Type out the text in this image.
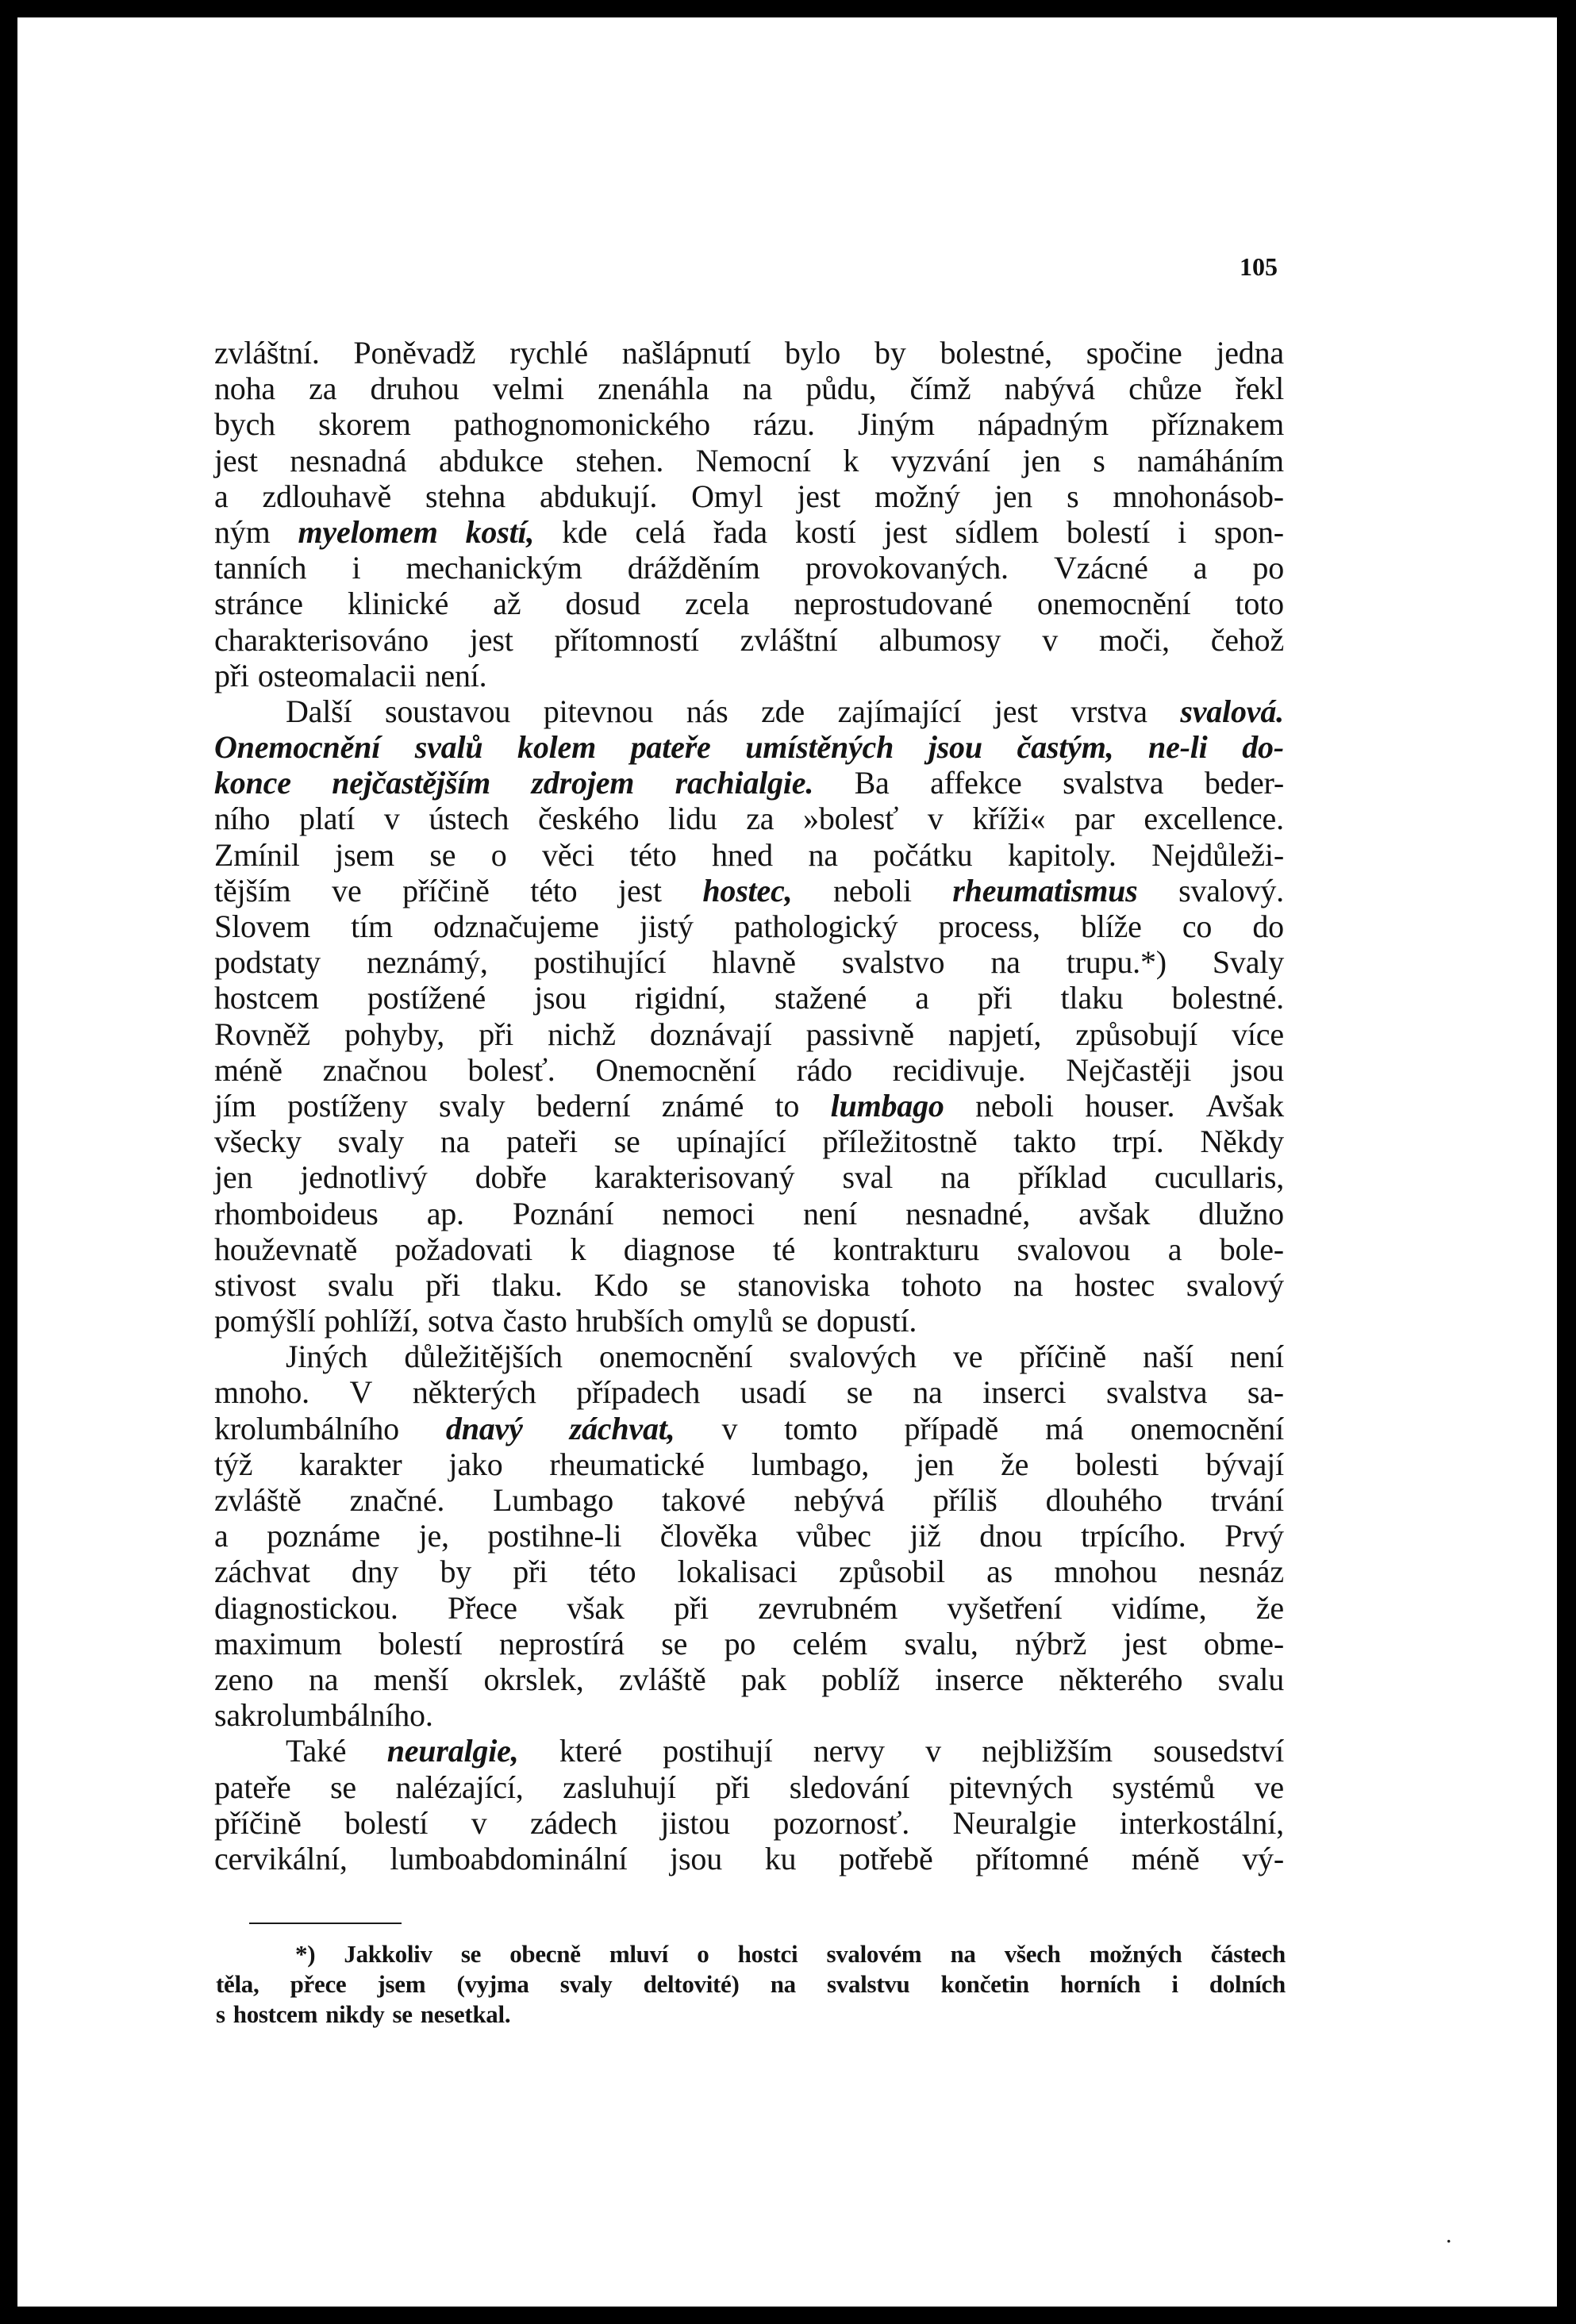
105
zvláštní. Poněvadž rychlé našlápnutí bylo by bolestné, spočine jedna
noha za druhou velmi znenáhla na půdu, čímž nabývá chůze řekl
bych skorem pathognomonického rázu. Jiným nápadným příznakem
jest nesnadná abdukce stehen. Nemocní k vyzvání jen s namáháním
a zdlouhavě stehna abdukují. Omyl jest možný jen s mnohonásob-
ným myelomem kostí, kde celá řada kostí jest sídlem bolestí i spon-
tanních i mechanickým drážděním provokovaných. Vzácné a po
stránce klinické až dosud zcela neprostudované onemocnění toto
charakterisováno jest přítomností zvláštní albumosy v moči, čehož
při osteomalacii není.
Další soustavou pitevnou nás zde zajímající jest vrstva svalová.
Onemocnění svalů kolem pateře umístěných jsou častým, ne-li do-
konce nejčastějším zdrojem rachialgie. Ba affekce svalstva beder-
ního platí v ústech českého lidu za »bolesť v kříži« par excellence.
Zmínil jsem se o věci této hned na počátku kapitoly. Nejdůleži-
tějším ve příčině této jest hostec, neboli rheumatismus svalový.
Slovem tím odznačujeme jistý pathologický process, blíže co do
podstaty neznámý, postihující hlavně svalstvo na trupu.*) Svaly
hostcem postížené jsou rigidní, stažené a při tlaku bolestné.
Rovněž pohyby, při nichž doznávají passivně napjetí, způsobují více
méně značnou bolesť. Onemocnění rádo recidivuje. Nejčastěji jsou
jím postíženy svaly bederní známé to lumbago neboli houser. Avšak
všecky svaly na pateři se upínající příležitostně takto trpí. Někdy
jen jednotlivý dobře karakterisovaný sval na příklad cucullaris,
rhomboideus ap. Poznání nemoci není nesnadné, avšak dlužno
houževnatě požadovati k diagnose té kontrakturu svalovou a bole-
stivost svalu při tlaku. Kdo se stanoviska tohoto na hostec svalový
pomýšlí pohlíží, sotva často hrubších omylů se dopustí.
Jiných důležitějších onemocnění svalových ve příčině naší není
mnoho. V některých případech usadí se na inserci svalstva sa-
krolumbálního dnavý záchvat, v tomto případě má onemocnění
týž karakter jako rheumatické lumbago, jen že bolesti bývají
zvláště značné. Lumbago takové nebývá příliš dlouhého trvání
a poznáme je, postihne-li člověka vůbec již dnou trpícího. Prvý
záchvat dny by při této lokalisaci způsobil as mnohou nesnáz
diagnostickou. Přece však při zevrubném vyšetření vidíme, že
maximum bolestí neprostírá se po celém svalu, nýbrž jest obme-
zeno na menší okrslek, zvláště pak poblíž inserce některého svalu
sakrolumbálního.
Také neuralgie, které postihují nervy v nejbližším sousedství
pateře se nalézající, zasluhují při sledování pitevných systémů ve
příčině bolestí v zádech jistou pozornosť. Neuralgie interkostální,
cervikální, lumboabdominální jsou ku potřebě přítomné méně vý-
*) Jakkoliv se obecně mluví o hostci svalovém na všech možných částech
těla, přece jsem (vyjma svaly deltovité) na svalstvu končetin horních i dolních
s hostcem nikdy se nesetkal.
·
